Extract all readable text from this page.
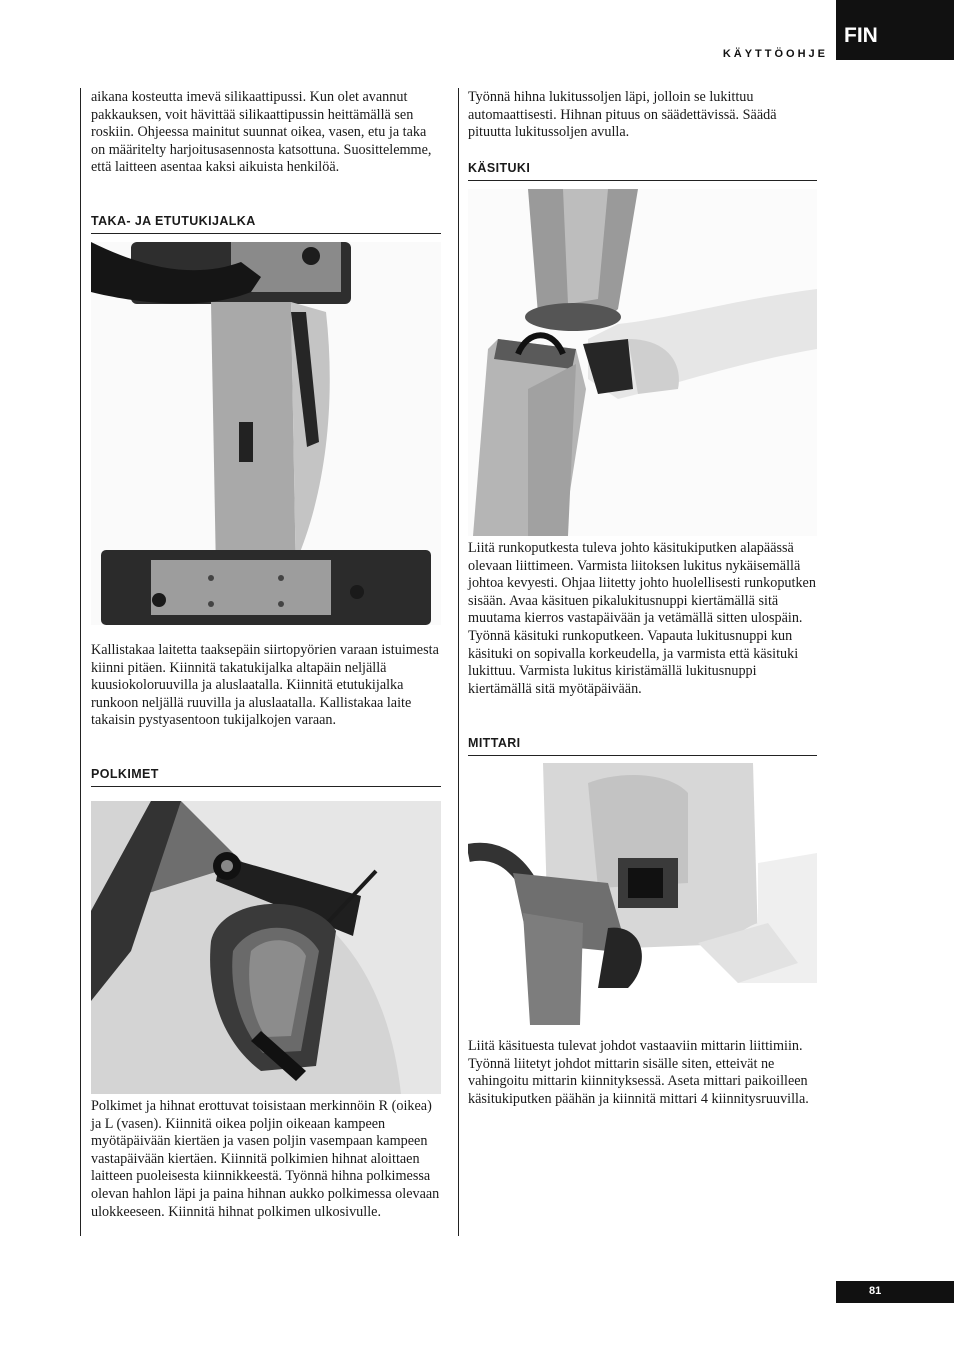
KÄYTTÖOHJE
FIN

aikana kosteutta imevä silikaattipussi. Kun olet avannut pakkauksen, voit hävittää silikaattipussin heittämällä sen roskiin. Ohjeessa mainitut suunnat oikea, vasen, etu ja taka on määritelty harjoitusasennosta katsottuna. Suosittelemme, että laitteen asentaa kaksi aikuista henkilöä.

TAKA- JA ETUTUKIJALKA

Kallistakaa laitetta taaksepäin siirtopyörien varaan istuimesta kiinni pitäen. Kiinnitä takatukijalka altapäin neljällä kuusiokoloruuvilla ja aluslaatalla. Kiinnitä etutukijalka runkoon neljällä ruuvilla ja aluslaatalla. Kallistakaa laite takaisin pystyasentoon tukijalkojen varaan.

POLKIMET

Polkimet ja hihnat erottuvat toisistaan merkinnöin R (oikea) ja L (vasen). Kiinnitä oikea poljin oikeaan kampeen myötäpäivään kiertäen ja vasen poljin vasempaan kampeen vastapäivään kiertäen. Kiinnitä polkimien hihnat aloittaen laitteen puoleisesta kiinnikkeestä. Työnnä hihna polkimessa olevan hahlon läpi ja paina hihnan aukko polkimessa olevaan ulokkeeseen. Kiinnitä hihnat polkimen ulkosivulle.

Työnnä hihna lukitussoljen läpi, jolloin se lukittuu automaattisesti. Hihnan pituus on säädettävissä. Säädä pituutta lukitussoljen avulla.

KÄSITUKI

Liitä runkoputkesta tuleva johto käsitukiputken alapäässä olevaan liittimeen. Varmista liitoksen lukitus nykäisemällä johtoa kevyesti. Ohjaa liitetty johto huolellisesti runkoputken sisään. Avaa käsituen pikalukitusnuppi kiertämällä sitä muutama kierros vastapäivään ja vetämällä sitten ulospäin. Työnnä käsituki runkoputkeen. Vapauta lukitusnuppi kun käsituki on sopivalla korkeudella, ja varmista että käsituki lukittuu. Varmista lukitus kiristämällä lukitusnuppi kiertämällä sitä myötäpäivään.

MITTARI

Liitä käsituesta tulevat johdot vastaaviin mittarin liittimiin. Työnnä liitetyt johdot mittarin sisälle siten, etteivät ne vahingoitu mittarin kiinnityksessä. Aseta mittari paikoilleen käsitukiputken päähän ja kiinnitä mittari 4 kiinnitysruuvilla.

81
